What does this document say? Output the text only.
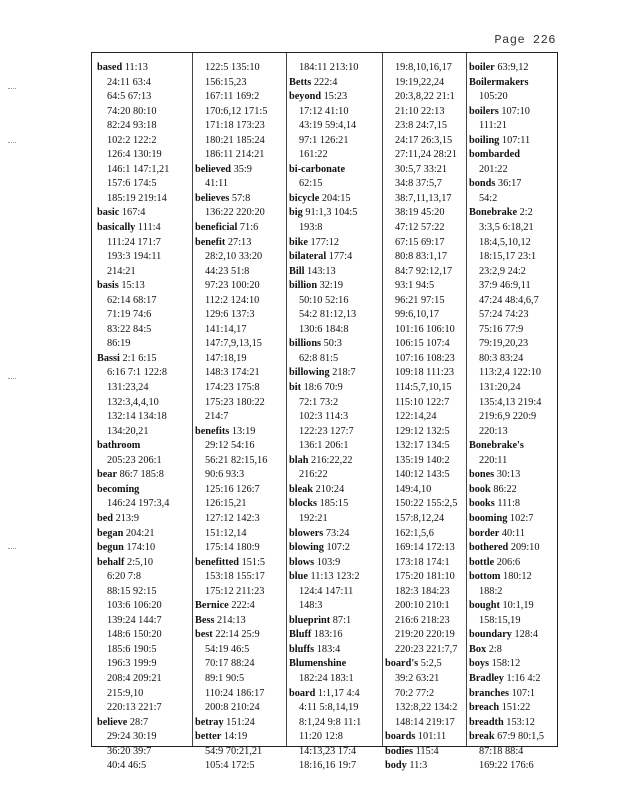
Page 226
based 11:13
24:11 63:4
64:5 67:13
74:20 80:10
82:24 93:18
102:2 122:2
126:4 130:19
146:1 147:1,21
157:6 174:5
185:19 219:14
basic 167:4
basically 111:4
111:24 171:7
193:3 194:11
214:21
basis 15:13
62:14 68:17
71:19 74:6
83:22 84:5
86:19
Bassi 2:1 6:15
6:16 7:1 122:8
131:23,24
132:3,4,4,10
132:14 134:18
134:20,21
bathroom
205:23 206:1
bear 86:7 185:8
becoming
146:24 197:3,4
bed 213:9
began 204:21
begun 174:10
behalf 2:5,10
6:20 7:8
88:15 92:15
103:6 106:20
139:24 144:7
148:6 150:20
185:6 190:5
196:3 199:9
208:4 209:21
215:9,10
220:13 221:7
believe 28:7
29:24 30:19
36:20 39:7
40:4 46:5
122:5 135:10
156:15,23
167:11 169:2
170:6,12 171:5
171:18 173:23
180:21 185:24
186:11 214:21
believed 35:9
41:11
believes 57:8
136:22 220:20
beneficial 71:6
benefit 27:13
28:2,10 33:20
44:23 51:8
97:23 100:20
112:2 124:10
129:6 137:3
141:14,17
147:7,9,13,15
147:18,19
148:3 174:21
174:23 175:8
175:23 180:22
214:7
benefits 13:19
29:12 54:16
56:21 82:15,16
90:6 93:3
125:16 126:7
126:15,21
127:12 142:3
151:12,14
175:14 180:9
benefitted 151:5
153:18 155:17
175:12 211:23
Bernice 222:4
Bess 214:13
best 22:14 25:9
54:19 46:5
70:17 88:24
89:1 90:5
110:24 186:17
200:8 210:24
betray 151:24
better 14:19
54:9 70:21,21
105:4 172:5
184:11 213:10
Betts 222:4
beyond 15:23
17:12 41:10
43:19 59:4,14
97:1 126:21
161:22
bi-carbonate
62:15
bicycle 204:15
big 91:1,3 104:5
193:8
bike 177:12
bilateral 177:4
Bill 143:13
billion 32:19
50:10 52:16
54:2 81:12,13
130:6 184:8
billions 50:3
62:8 81:5
billowing 218:7
bit 18:6 70:9
72:1 73:2
102:3 114:3
122:23 127:7
136:1 206:1
blah 216:22,22
216:22
bleak 210:24
blocks 185:15
192:21
blowers 73:24
blowing 107:2
blows 103:9
blue 11:13 123:2
124:4 147:11
148:3
blueprint 87:1
Bluff 183:16
bluffs 183:4
Blumenshine
182:24 183:1
board 1:1,17 4:4
4:11 5:8,14,19
8:1,24 9:8 11:1
11:20 12:8
14:13,23 17:4
18:16,16 19:7
19:8,10,16,17
19:19,22,24
20:3,8,22 21:1
21:10 22:13
23:8 24:7,15
24:17 26:3,15
27:11,24 28:21
30:5,7 33:21
34:8 37:5,7
38:7,11,13,17
38:19 45:20
47:12 57:22
67:15 69:17
80:8 83:1,17
84:7 92:12,17
93:1 94:5
96:21 97:15
99:6,10,17
101:16 106:10
106:15 107:4
107:16 108:23
109:18 111:23
114:5,7,10,15
115:10 122:7
122:14,24
129:12 132:5
132:17 134:5
135:19 140:2
140:12 143:5
149:4,10
150:22 155:2,5
157:8,12,24
162:1,5,6
169:14 172:13
173:18 174:1
175:20 181:10
182:3 184:23
200:10 210:1
216:6 218:23
219:20 220:19
220:23 221:7,7
board's 5:2,5
39:2 63:21
70:2 77:2
132:8,22 134:2
148:14 219:17
boards 101:11
bodies 115:4
body 11:3
boiler 63:9,12
Boilermakers
105:20
boilers 107:10
111:21
boiling 107:11
bombarded
201:22
bonds 36:17
54:2
Bonebrake 2:2
3:3,5 6:18,21
18:4,5,10,12
18:15,17 23:1
23:2,9 24:2
37:9 46:9,11
47:24 48:4,6,7
57:24 74:23
75:16 77:9
79:19,20,23
80:3 83:24
113:2,4 122:10
131:20,24
135:4,13 219:4
219:6,9 220:9
220:13
Bonebrake's
220:11
bones 30:13
book 86:22
books 111:8
booming 102:7
border 40:11
bothered 209:10
bottle 206:6
bottom 180:12
188:2
bought 10:1,19
158:15,19
boundary 128:4
Box 2:8
boys 158:12
Bradley 1:16 4:2
branches 107:1
breach 151:22
breadth 153:12
break 67:9 80:1,5
87:18 88:4
169:22 176:6
